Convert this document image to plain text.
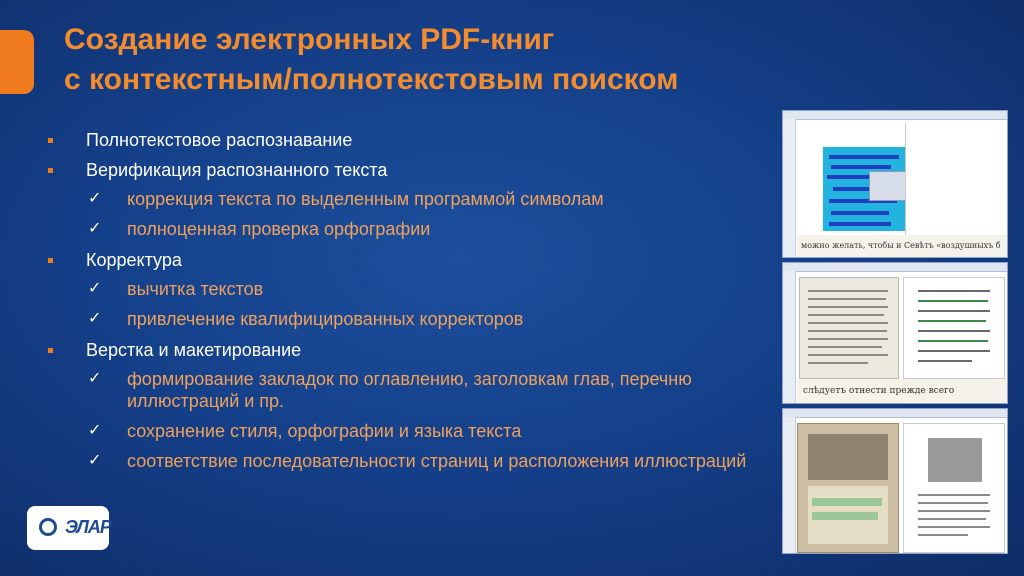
Создание электронных PDF-книг
с контекстным/полнотекстовым поиском
Полнотекстовое распознавание
Верификация распознанного текста
✓ коррекция текста по выделенным программой символам
✓ полноценная проверка орфографии
Корректура
✓ вычитка текстов
✓ привлечение квалифицированных корректоров
Верстка и макетирование
✓ формирование закладок по оглавлению, заголовкам глав, перечню иллюстраций и пр.
✓ сохранение стиля, орфографии и языка текста
✓ соответствие последовательности страниц и расположения иллюстраций
ЭЛАР
можно желать, чтобы и Севѣтъ «воздушныхъ б
слѣдуетъ отнести прежде всего
